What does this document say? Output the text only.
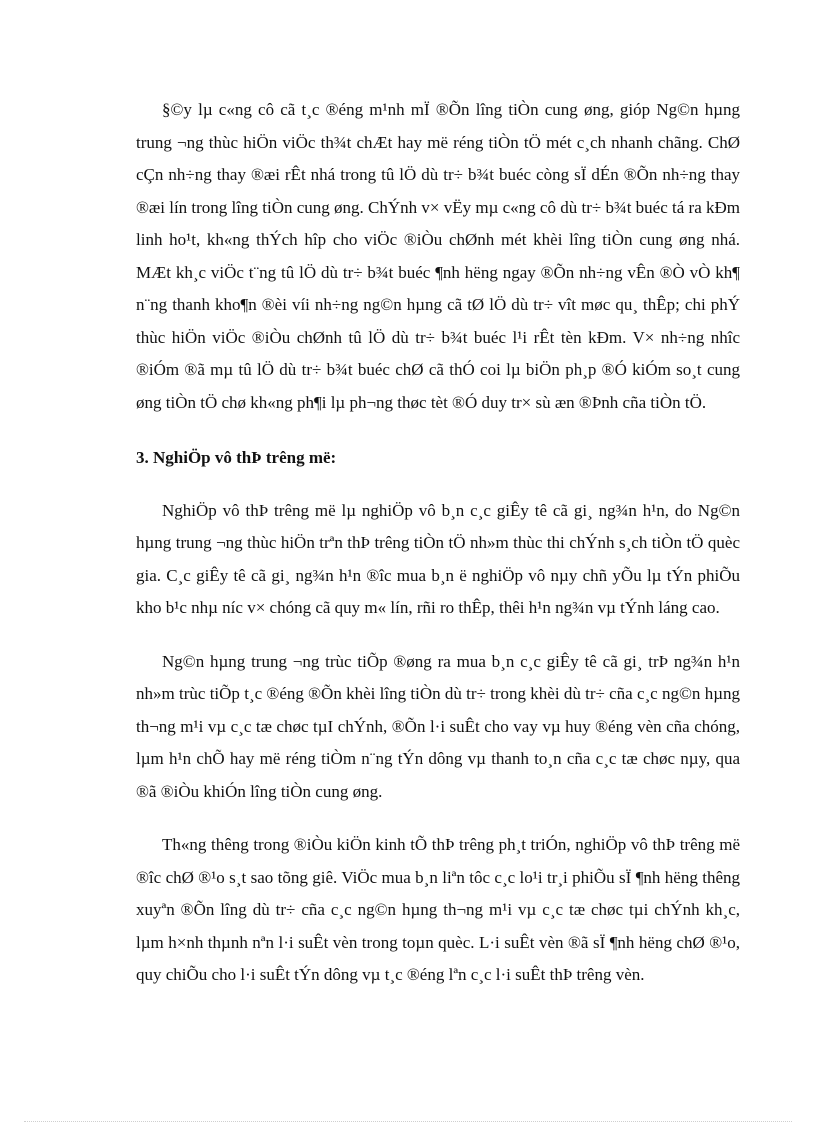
§©y lµ c«ng cô cã t¸c ®éng m¹nh mÏ ®Õn lîng tiÒn cung øng, gióp Ng©n hµng trung ¬ng thùc hiÖn viÖc th¾t chÆt hay më réng tiÒn tÖ mét c¸ch nhanh chãng. ChØ cÇn nh÷ng thay ®æi rÊt nhá trong tû lÖ dù tr÷ b¾t buéc còng sÏ dÉn ®Õn nh÷ng thay ®æi lín trong lîng tiÒn cung øng. ChÝnh v× vËy mµ c«ng cô dù tr÷ b¾t buéc tá ra kÐm linh ho¹t, kh«ng thÝch hîp cho viÖc ®iÒu chØnh mét khèi lîng tiÒn cung øng nhá. MÆt kh¸c viÖc t¨ng tû lÖ dù tr÷ b¾t buéc ¶nh hëng ngay ®Õn nh÷ng vÊn ®Ò vÒ kh¶ n¨ng thanh kho¶n ®èi víi nh÷ng ng©n hµng cã tØ lÖ dù tr÷ vît møc qu¸ thÊp; chi phÝ thùc hiÖn viÖc ®iÒu chØnh tû lÖ dù tr÷ b¾t buéc l¹i rÊt tèn kÐm. V× nh÷ng nhîc ®iÓm ®ã mµ tû lÖ dù tr÷ b¾t buéc chØ cã thÓ coi lµ biÖn ph¸p ®Ó kiÓm so¸t cung øng tiÒn tÖ chø kh«ng ph¶i lµ ph¬ng thøc tèt ®Ó duy tr× sù æn ®Þnh cña tiÒn tÖ.

3. NghiÖp vô thÞ trêng më:

NghiÖp vô thÞ trêng më lµ nghiÖp vô b¸n c¸c giÊy tê cã gi¸ ng¾n h¹n, do Ng©n hµng trung ¬ng thùc hiÖn trªn thÞ trêng tiÒn tÖ nh»m thùc thi chÝnh s¸ch tiÒn tÖ quèc gia. C¸c giÊy tê cã gi¸ ng¾n h¹n ®îc mua b¸n ë nghiÖp vô nµy chñ yÕu lµ tÝn phiÕu kho b¹c nhµ níc v× chóng cã quy m« lín, rñi ro thÊp, thêi h¹n ng¾n vµ tÝnh láng cao.

Ng©n hµng trung ¬ng trùc tiÕp ®øng ra mua b¸n c¸c giÊy tê cã gi¸ trÞ ng¾n h¹n nh»m trùc tiÕp t¸c ®éng ®Õn khèi lîng tiÒn dù tr÷ trong khèi dù tr÷ cña c¸c ng©n hµng th¬ng m¹i vµ c¸c tæ chøc tµI chÝnh, ®Õn l·i suÊt cho vay vµ huy ®éng vèn cña chóng, lµm h¹n chÕ hay më réng tiÒm n¨ng tÝn dông vµ thanh to¸n cña c¸c tæ chøc nµy, qua ®ã ®iÒu khiÓn lîng tiÒn cung øng.

Th«ng thêng trong ®iÒu kiÖn kinh tÕ thÞ trêng ph¸t triÓn, nghiÖp vô thÞ trêng më ®îc chØ ®¹o s¸t sao tõng giê. ViÖc mua b¸n liªn tôc c¸c lo¹i tr¸i phiÕu sÏ ¶nh hëng thêng xuyªn ®Õn lîng dù tr÷ cña c¸c ng©n hµng th¬ng m¹i vµ c¸c tæ chøc tµi chÝnh kh¸c, lµm h×nh thµnh nªn l·i suÊt vèn trong toµn quèc. L·i suÊt vèn ®ã sÏ ¶nh hëng chØ ®¹o, quy chiÕu cho l·i suÊt tÝn dông vµ t¸c ®éng lªn c¸c l·i suÊt thÞ trêng vèn.
